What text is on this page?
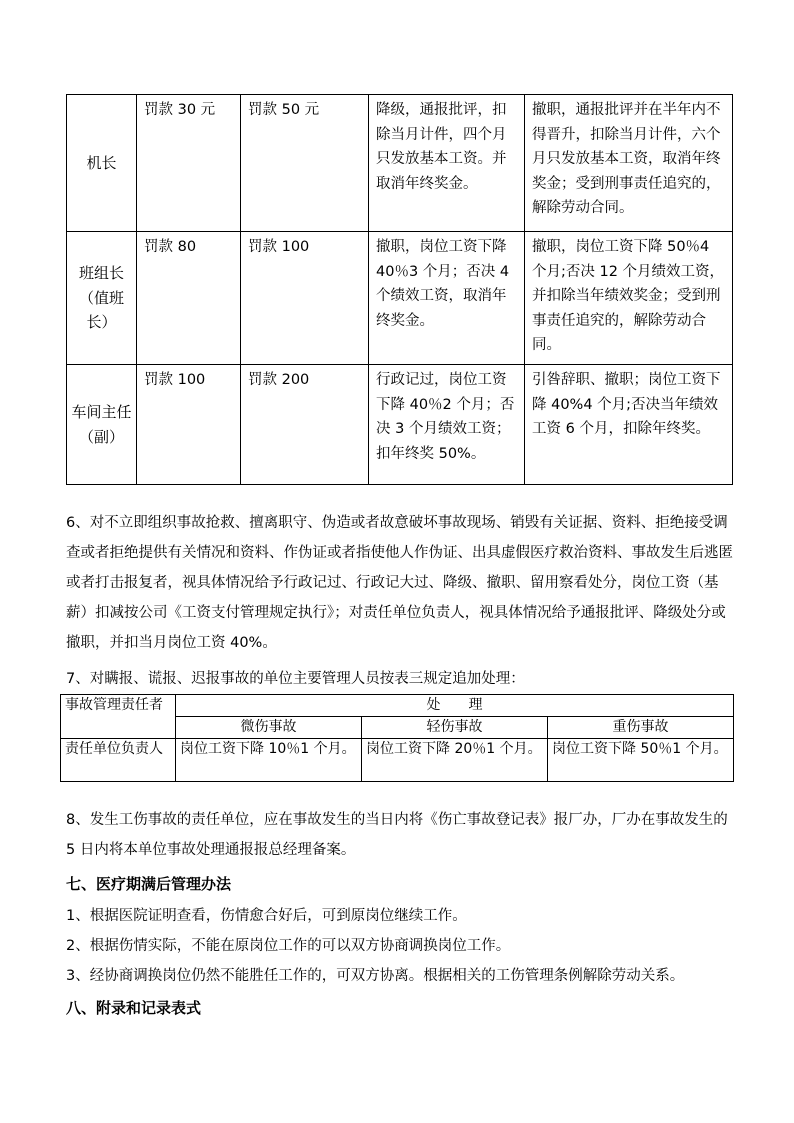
机长	罚款 30 元	罚款 50 元	降级，通报批评，扣除当月计件，四个月只发放基本工资。并取消年终奖金。	撤职，通报批评并在半年内不得晋升，扣除当月计件，六个月只发放基本工资，取消年终奖金；受到刑事责任追究的，解除劳动合同。
班组长（值班长）	罚款 80	罚款 100	撤职，岗位工资下降 40％3 个月；否决 4 个绩效工资，取消年终奖金。	撤职，岗位工资下降 50％4 个月;否决 12 个月绩效工资，并扣除当年绩效奖金；受到刑事责任追究的，解除劳动合同。
车间主任（副）	罚款 100	罚款 200	行政记过，岗位工资下降 40％2 个月；否决 3 个月绩效工资；扣年终奖 50%。	引咎辞职、撤职；岗位工资下降 40%4 个月;否决当年绩效工资 6 个月，扣除年终奖。

6、对不立即组织事故抢救、擅离职守、伪造或者故意破坏事故现场、销毁有关证据、资料、拒绝接受调查或者拒绝提供有关情况和资料、作伪证或者指使他人作伪证、出具虚假医疗救治资料、事故发生后逃匿或者打击报复者，视具体情况给予行政记过、行政记大过、降级、撤职、留用察看处分，岗位工资（基薪）扣减按公司《工资支付管理规定执行》；对责任单位负责人，视具体情况给予通报批评、降级处分或撤职，并扣当月岗位工资 40%。

7、对瞒报、谎报、迟报事故的单位主要管理人员按表三规定追加处理：

事故管理责任者	处　　理		
	微伤事故	轻伤事故	重伤事故
责任单位负责人	岗位工资下降 10％1 个月。	岗位工资下降 20％1 个月。	岗位工资下降 50％1 个月。

8、发生工伤事故的责任单位，应在事故发生的当日内将《伤亡事故登记表》报厂办，厂办在事故发生的 5 日内将本单位事故处理通报报总经理备案。

七、医疗期满后管理办法

1、根据医院证明查看，伤情愈合好后，可到原岗位继续工作。

2、根据伤情实际，不能在原岗位工作的可以双方协商调换岗位工作。

3、经协商调换岗位仍然不能胜任工作的，可双方协离。根据相关的工伤管理条例解除劳动关系。

八、附录和记录表式
